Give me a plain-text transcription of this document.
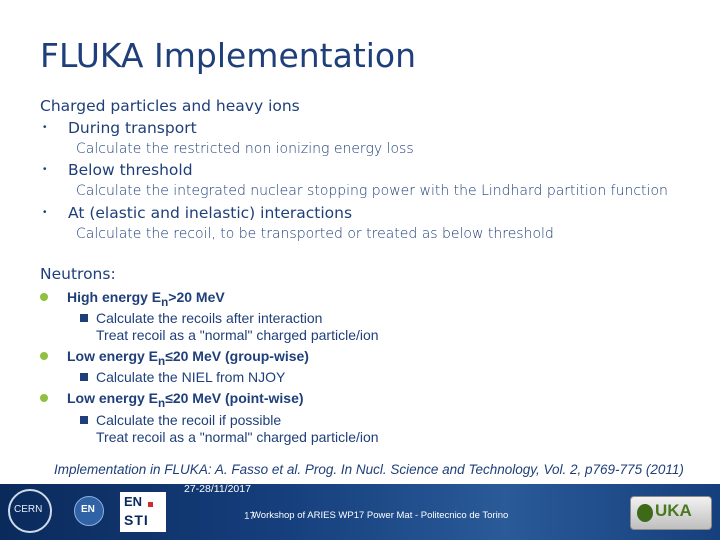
FLUKA Implementation
Charged particles and heavy ions
• During transport
Calculate the restricted non ionizing energy loss
• Below threshold
Calculate the integrated nuclear stopping power with the Lindhard partition function
• At (elastic and inelastic) interactions
Calculate the recoil, to be transported or treated as below threshold
Neutrons:
High energy $E_n>20$ MeV
Calculate the recoils after interaction
Treat recoil as a "normal" charged particle/ion
Low energy $E_n\le 20$ MeV (group-wise)
Calculate the NIEL from NJOY
Low energy $E_n\le 20$ MeV (point-wise)
Calculate the recoil if possible
Treat recoil as a "normal" charged particle/ion
Implementation in FLUKA: A. Fasso et al. Prog. In Nucl. Science and Technology, Vol. 2, p769-775 (2011)
CERN	EN
EN
STI
27-28/11/2017
17
Workshop of ARIES WP17 Power Mat - Politecnico de Torino	UKA
